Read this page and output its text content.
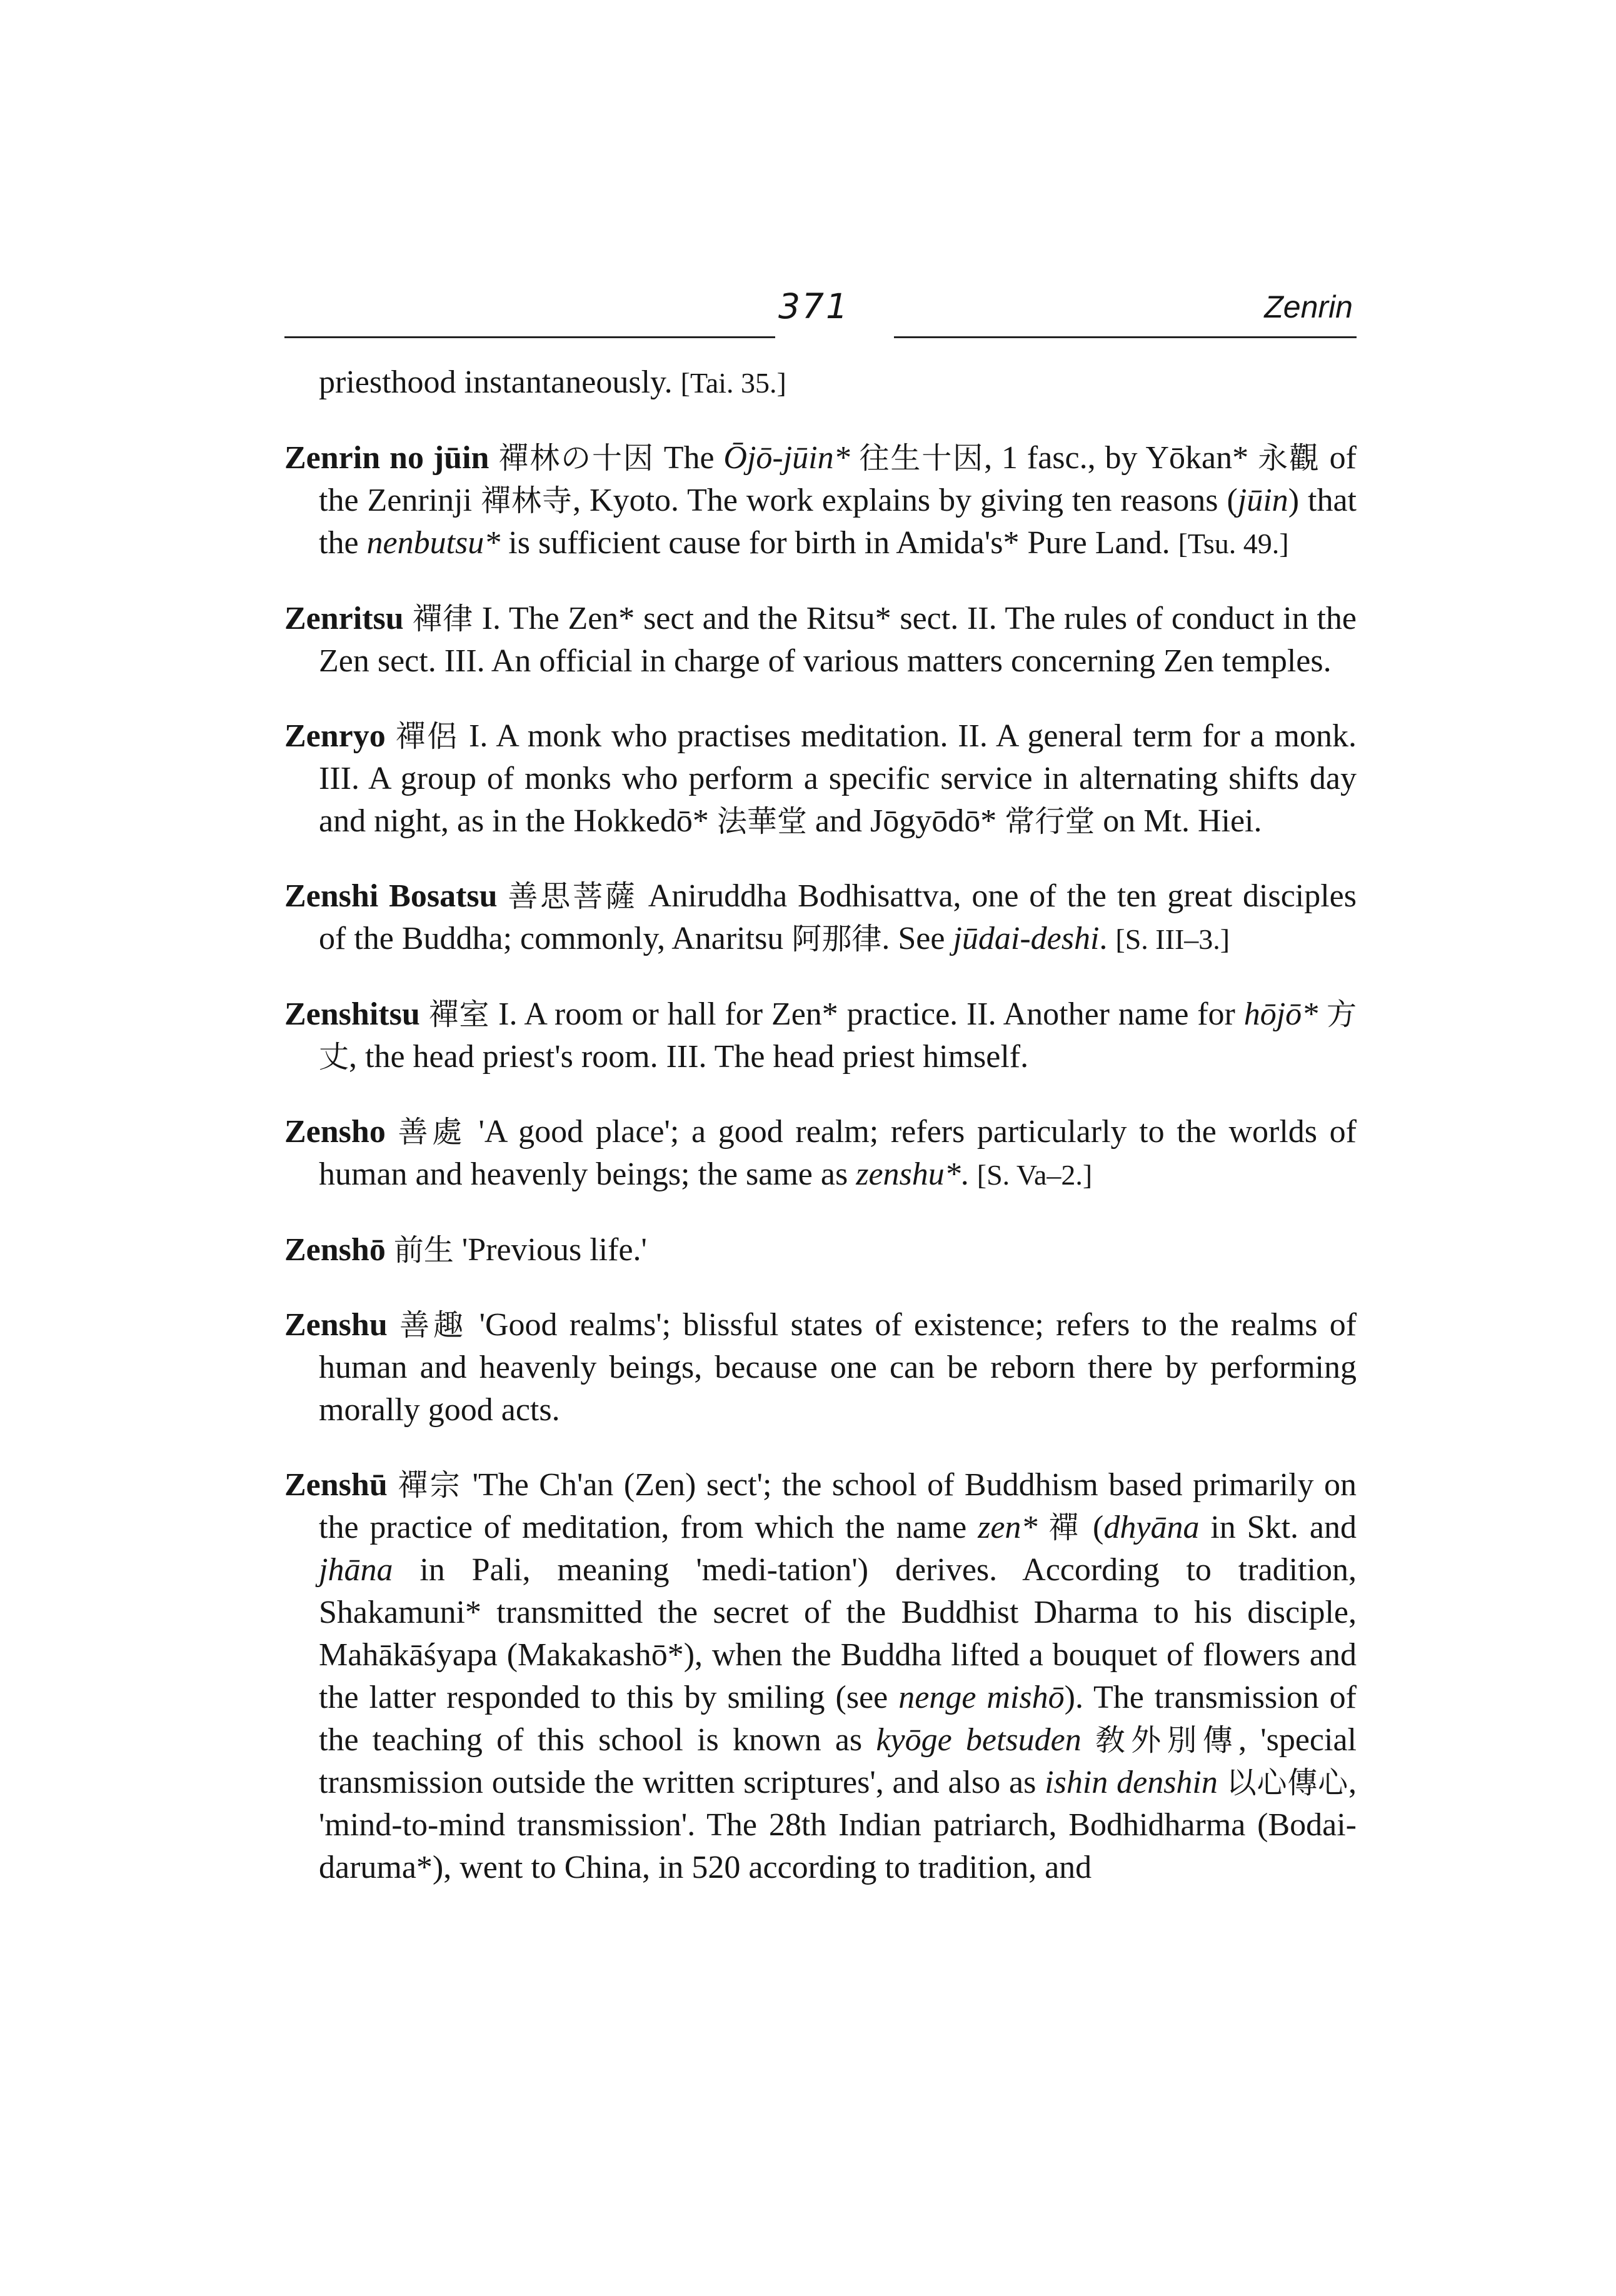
371	Zenrin

priesthood instantaneously. [Tai. 35.]

Zenrin no jūin 禪林の十因 The Ōjō-jūin* 往生十因, 1 fasc., by Yōkan* 永觀 of the Zenrinji 禪林寺, Kyoto. The work explains by giving ten reasons (jūin) that the nenbutsu* is sufficient cause for birth in Amida's* Pure Land. [Tsu. 49.]

Zenritsu 禪律 I. The Zen* sect and the Ritsu* sect. II. The rules of conduct in the Zen sect. III. An official in charge of various matters concerning Zen temples.

Zenryo 禪侶 I. A monk who practises meditation. II. A general term for a monk. III. A group of monks who perform a specific service in alternating shifts day and night, as in the Hokkedō* 法華堂 and Jōgyōdō* 常行堂 on Mt. Hiei.

Zenshi Bosatsu 善思菩薩 Aniruddha Bodhisattva, one of the ten great disciples of the Buddha; commonly, Anaritsu 阿那律. See jūdai-deshi. [S. III–3.]

Zenshitsu 禪室 I. A room or hall for Zen* practice. II. Another name for hōjō* 方丈, the head priest's room. III. The head priest himself.

Zensho 善處 'A good place'; a good realm; refers particularly to the worlds of human and heavenly beings; the same as zenshu*. [S. Va–2.]

Zenshō 前生 'Previous life.'

Zenshu 善趣 'Good realms'; blissful states of existence; refers to the realms of human and heavenly beings, because one can be reborn there by performing morally good acts.

Zenshū 禪宗 'The Ch'an (Zen) sect'; the school of Buddhism based primarily on the practice of meditation, from which the name zen* 禪 (dhyāna in Skt. and jhāna in Pali, meaning 'medi-tation') derives. According to tradition, Shakamuni* transmitted the secret of the Buddhist Dharma to his disciple, Mahākāśyapa (Makakashō*), when the Buddha lifted a bouquet of flowers and the latter responded to this by smiling (see nenge mishō). The transmission of the teaching of this school is known as kyōge betsuden 敎外別傳, 'special transmission outside the written scriptures', and also as ishin denshin 以心傳心, 'mind-to-mind transmission'. The 28th Indian patriarch, Bodhidharma (Bodai-daruma*), went to China, in 520 according to tradition, and
